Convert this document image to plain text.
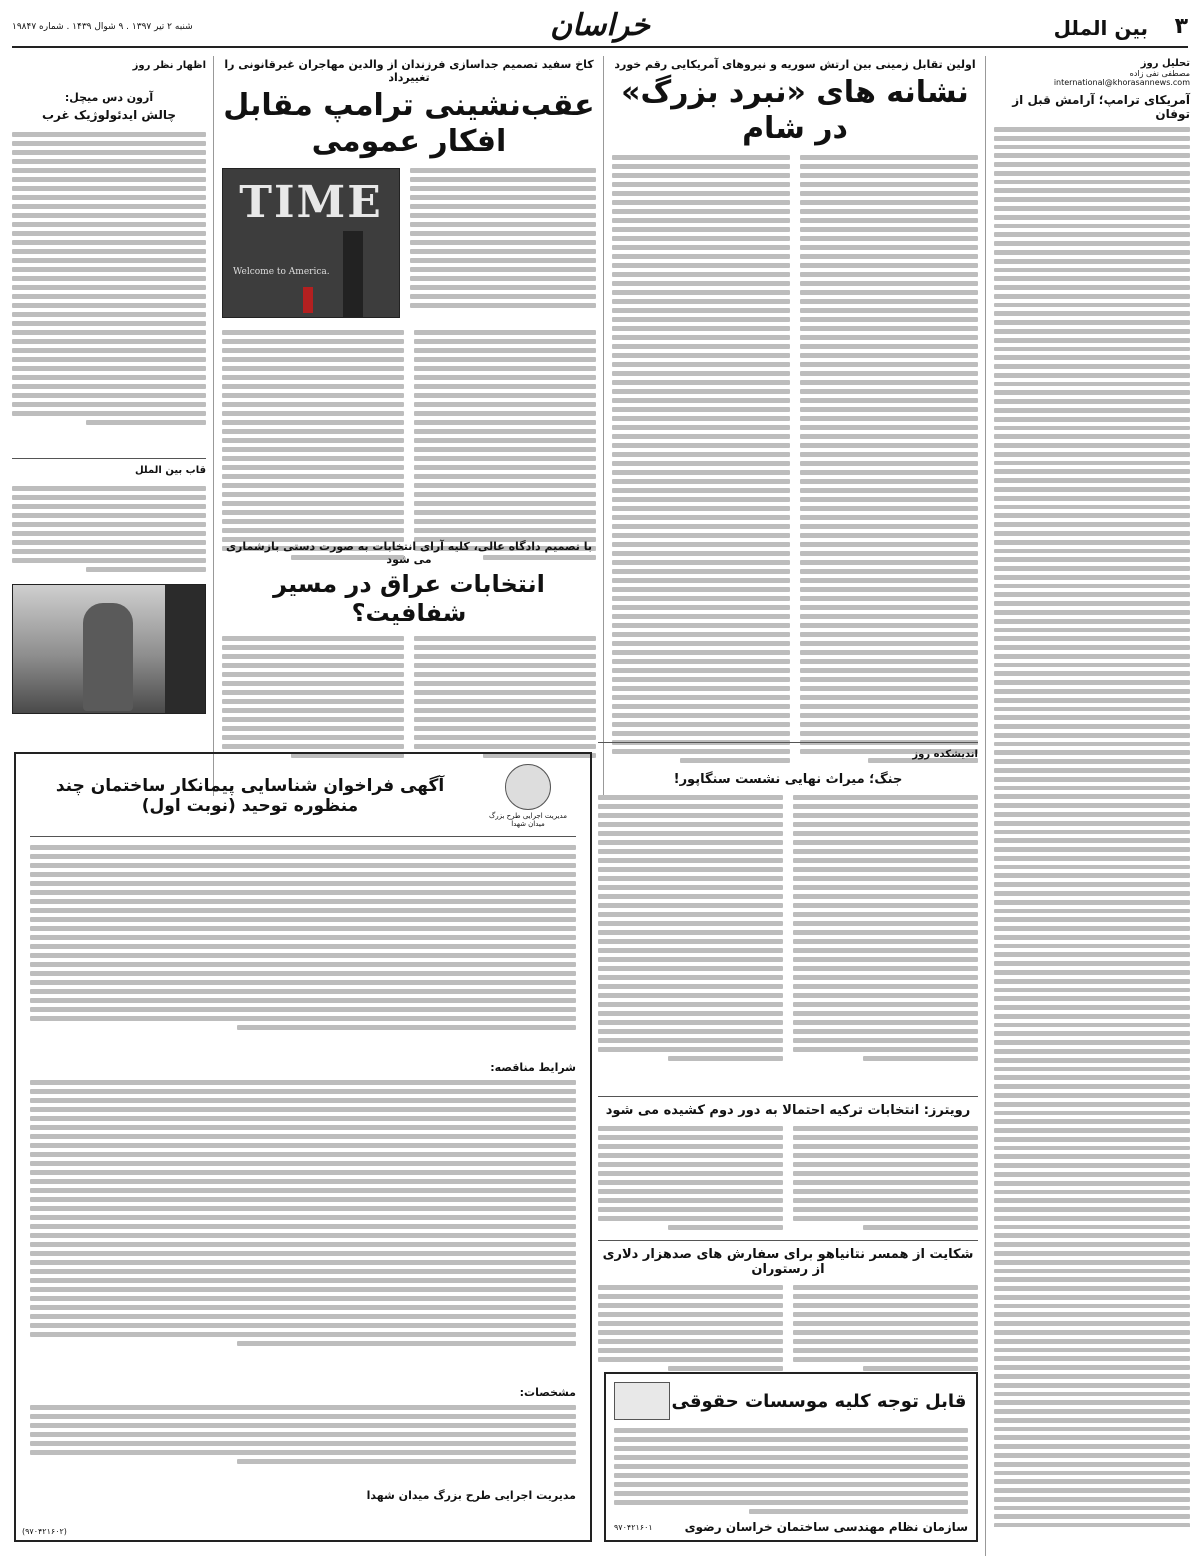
۳
بین الملل
خراسان
شنبه ۲ تیر ۱۳۹۷ . ۹ شوال ۱۴۳۹ . شماره ۱۹۸۴۷
تحلیل روز
مصطفی نفی زاده
international@khorasannews.com
آمریکای ترامپ؛ آرامش قبل از توفان
اولین تقابل زمینی بین ارتش سوریه و نیروهای آمریکایی رقم خورد
نشانه های «نبرد بزرگ» در شام
کاخ سفید تصمیم جداسازی فرزندان از والدین مهاجران غیرقانونی را تغییرداد
عقب‌نشینی ترامپ مقابل افکار عمومی
TIME
Welcome to America.
اظهار نظر روز
آرون دس میچل:
چالش ایدئولوژیک غرب
قاب بین الملل
با تصمیم دادگاه عالی، کلیه آرای انتخابات به صورت دستی بازشماری می شود
انتخابات عراق در مسیر شفافیت؟
اندیشکده روز
جنگ؛ میراث نهایی نشست سنگاپور!
رویترز: انتخابات ترکیه احتمالا به دور دوم کشیده می شود
شکایت از همسر نتانیاهو برای سفارش های صدهزار دلاری از رستوران
قابل توجه کلیه موسسات حقوقی
سازمان نظام مهندسی ساختمان خراسان رضوی
۹۷۰۴۲۱۶۰۱
مدیریت اجرایی طرح بزرگ میدان شهدا
آگهی فراخوان شناسایی پیمانکار ساختمان چند منظوره توحید (نوبت اول)
شرایط مناقصه:
مشخصات:
مدیریت اجرایی طرح بزرگ میدان شهدا
(۹۷۰۴۲۱۶۰۲)
